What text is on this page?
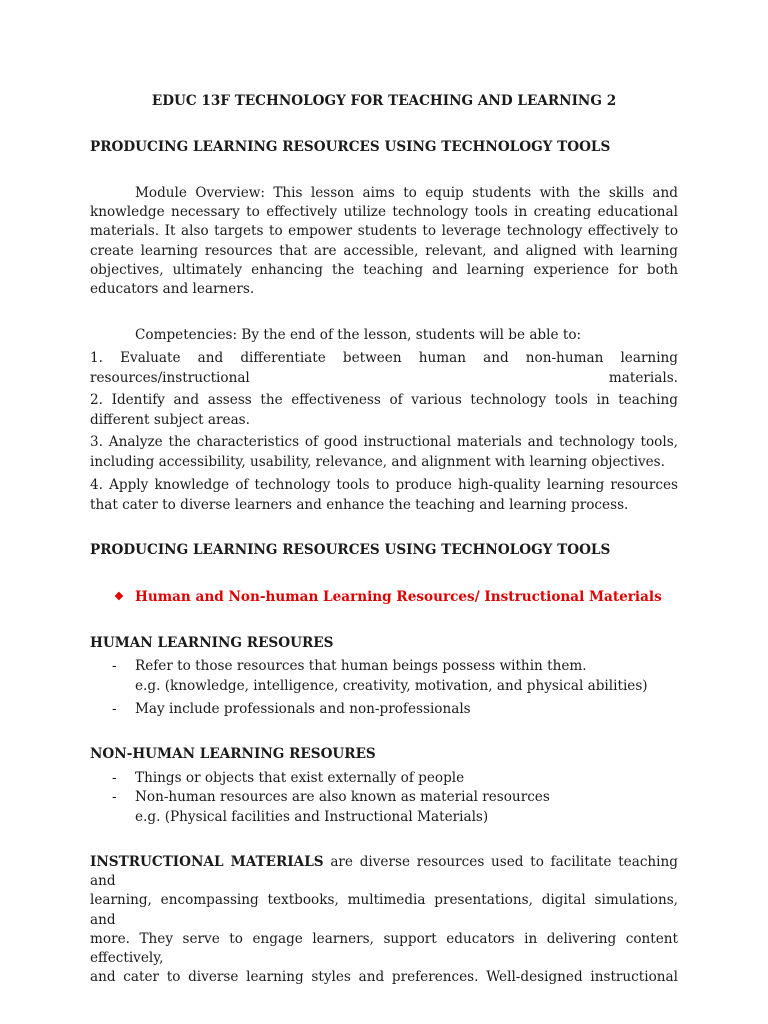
EDUC 13F TECHNOLOGY FOR TEACHING AND LEARNING 2
PRODUCING LEARNING RESOURCES USING TECHNOLOGY TOOLS
Module Overview: This lesson aims to equip students with the skills and knowledge necessary to effectively utilize technology tools in creating educational materials. It also targets to empower students to leverage technology effectively to create learning resources that are accessible, relevant, and aligned with learning objectives, ultimately enhancing the teaching and learning experience for both educators and learners.
Competencies: By the end of the lesson, students will be able to:
1. Evaluate and differentiate between human and non-human learning resources/instructional materials.
2. Identify and assess the effectiveness of various technology tools in teaching different subject areas.
3. Analyze the characteristics of good instructional materials and technology tools, including accessibility, usability, relevance, and alignment with learning objectives.
4. Apply knowledge of technology tools to produce high-quality learning resources that cater to diverse learners and enhance the teaching and learning process.
PRODUCING LEARNING RESOURCES USING TECHNOLOGY TOOLS
❖ Human and Non-human Learning Resources/ Instructional Materials
HUMAN LEARNING RESOURES
- Refer to those resources that human beings possess within them.
e.g. (knowledge, intelligence, creativity, motivation, and physical abilities)
- May include professionals and non-professionals
NON-HUMAN LEARNING RESOURES
- Things or objects that exist externally of people
- Non-human resources are also known as material resources
e.g. (Physical facilities and Instructional Materials)
INSTRUCTIONAL MATERIALS are diverse resources used to facilitate teaching and
learning, encompassing textbooks, multimedia presentations, digital simulations, and
more. They serve to engage learners, support educators in delivering content effectively,
and cater to diverse learning styles and preferences. Well-designed instructional
